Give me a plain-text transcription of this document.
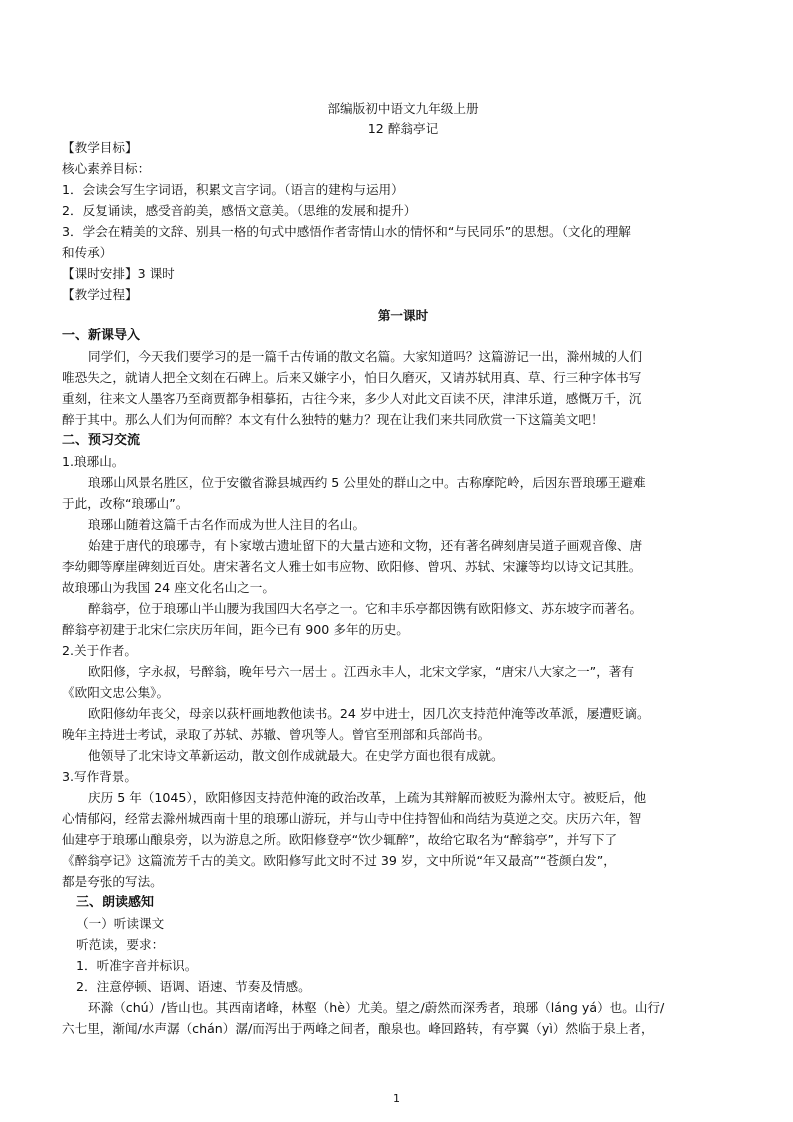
部编版初中语文九年级上册
12 醉翁亭记
【教学目标】
核心素养目标：
1．会读会写生字词语，积累文言字词。（语言的建构与运用）
2．反复诵读，感受音韵美，感悟文意美。（思维的发展和提升）
3．学会在精美的文辞、别具一格的句式中感悟作者寄情山水的情怀和“与民同乐”的思想。（文化的理解
和传承）
【课时安排】3 课时
【教学过程】
第一课时
一、新课导入
同学们，今天我们要学习的是一篇千古传诵的散文名篇。大家知道吗？这篇游记一出，滁州城的人们
唯恐失之，就请人把全文刻在石碑上。后来又嫌字小，怕日久磨灭，又请苏轼用真、草、行三种字体书写
重刻，往来文人墨客乃至商贾都争相摹拓，古往今来，多少人对此文百读不厌，津津乐道，感慨万千，沉
醉于其中。那么人们为何而醉？本文有什么独特的魅力？现在让我们来共同欣赏一下这篇美文吧！
二、预习交流
1.琅琊山。
琅琊山风景名胜区，位于安徽省滁县城西约 5 公里处的群山之中。古称摩陀岭，后因东晋琅琊王避难
于此，改称“琅琊山”。
琅琊山随着这篇千古名作而成为世人注目的名山。
始建于唐代的琅琊寺，有卜家墩古遗址留下的大量古迹和文物，还有著名碑刻唐吴道子画观音像、唐
李幼卿等摩崖碑刻近百处。唐宋著名文人雅士如韦应物、欧阳修、曾巩、苏轼、宋濂等均以诗文记其胜。
故琅琊山为我国 24 座文化名山之一。
醉翁亭，位于琅琊山半山腰为我国四大名亭之一。它和丰乐亭都因镌有欧阳修文、苏东坡字而著名。
醉翁亭初建于北宋仁宗庆历年间，距今已有 900 多年的历史。
2.关于作者。
欧阳修，字永叔，号醉翁，晚年号六一居士 。江西永丰人，北宋文学家，“唐宋八大家之一”，著有
《欧阳文忠公集》。
欧阳修幼年丧父，母亲以荻杆画地教他读书。24 岁中进士，因几次支持范仲淹等改革派，屡遭贬谪。
晚年主持进士考试，录取了苏轼、苏辙、曾巩等人。曾官至刑部和兵部尚书。
他领导了北宋诗文革新运动，散文创作成就最大。在史学方面也很有成就。
3.写作背景。
庆历 5 年（1045），欧阳修因支持范仲淹的政治改革，上疏为其辩解而被贬为滁州太守。被贬后，他
心情郁闷，经常去滁州城西南十里的琅琊山游玩，并与山寺中住持智仙和尚结为莫逆之交。庆历六年，智
仙建亭于琅琊山酿泉旁，以为游息之所。欧阳修登亭“饮少辄醉”，故给它取名为“醉翁亭”，并写下了
《醉翁亭记》这篇流芳千古的美文。欧阳修写此文时不过 39 岁，文中所说“年又最高”“苍颜白发”，
都是夸张的写法。
三、朗读感知
（一）听读课文
听范读，要求：
1．听准字音并标识。
2．注意停顿、语调、语速、节奏及情感。
环滁（chú）/皆山也。其西南诸峰，林壑（hè）尤美。望之/蔚然而深秀者，琅琊（láng yá）也。山行/
六七里，渐闻/水声潺（chán）潺/而泻出于两峰之间者，酿泉也。峰回路转，有亭翼（yì）然临于泉上者，
1
